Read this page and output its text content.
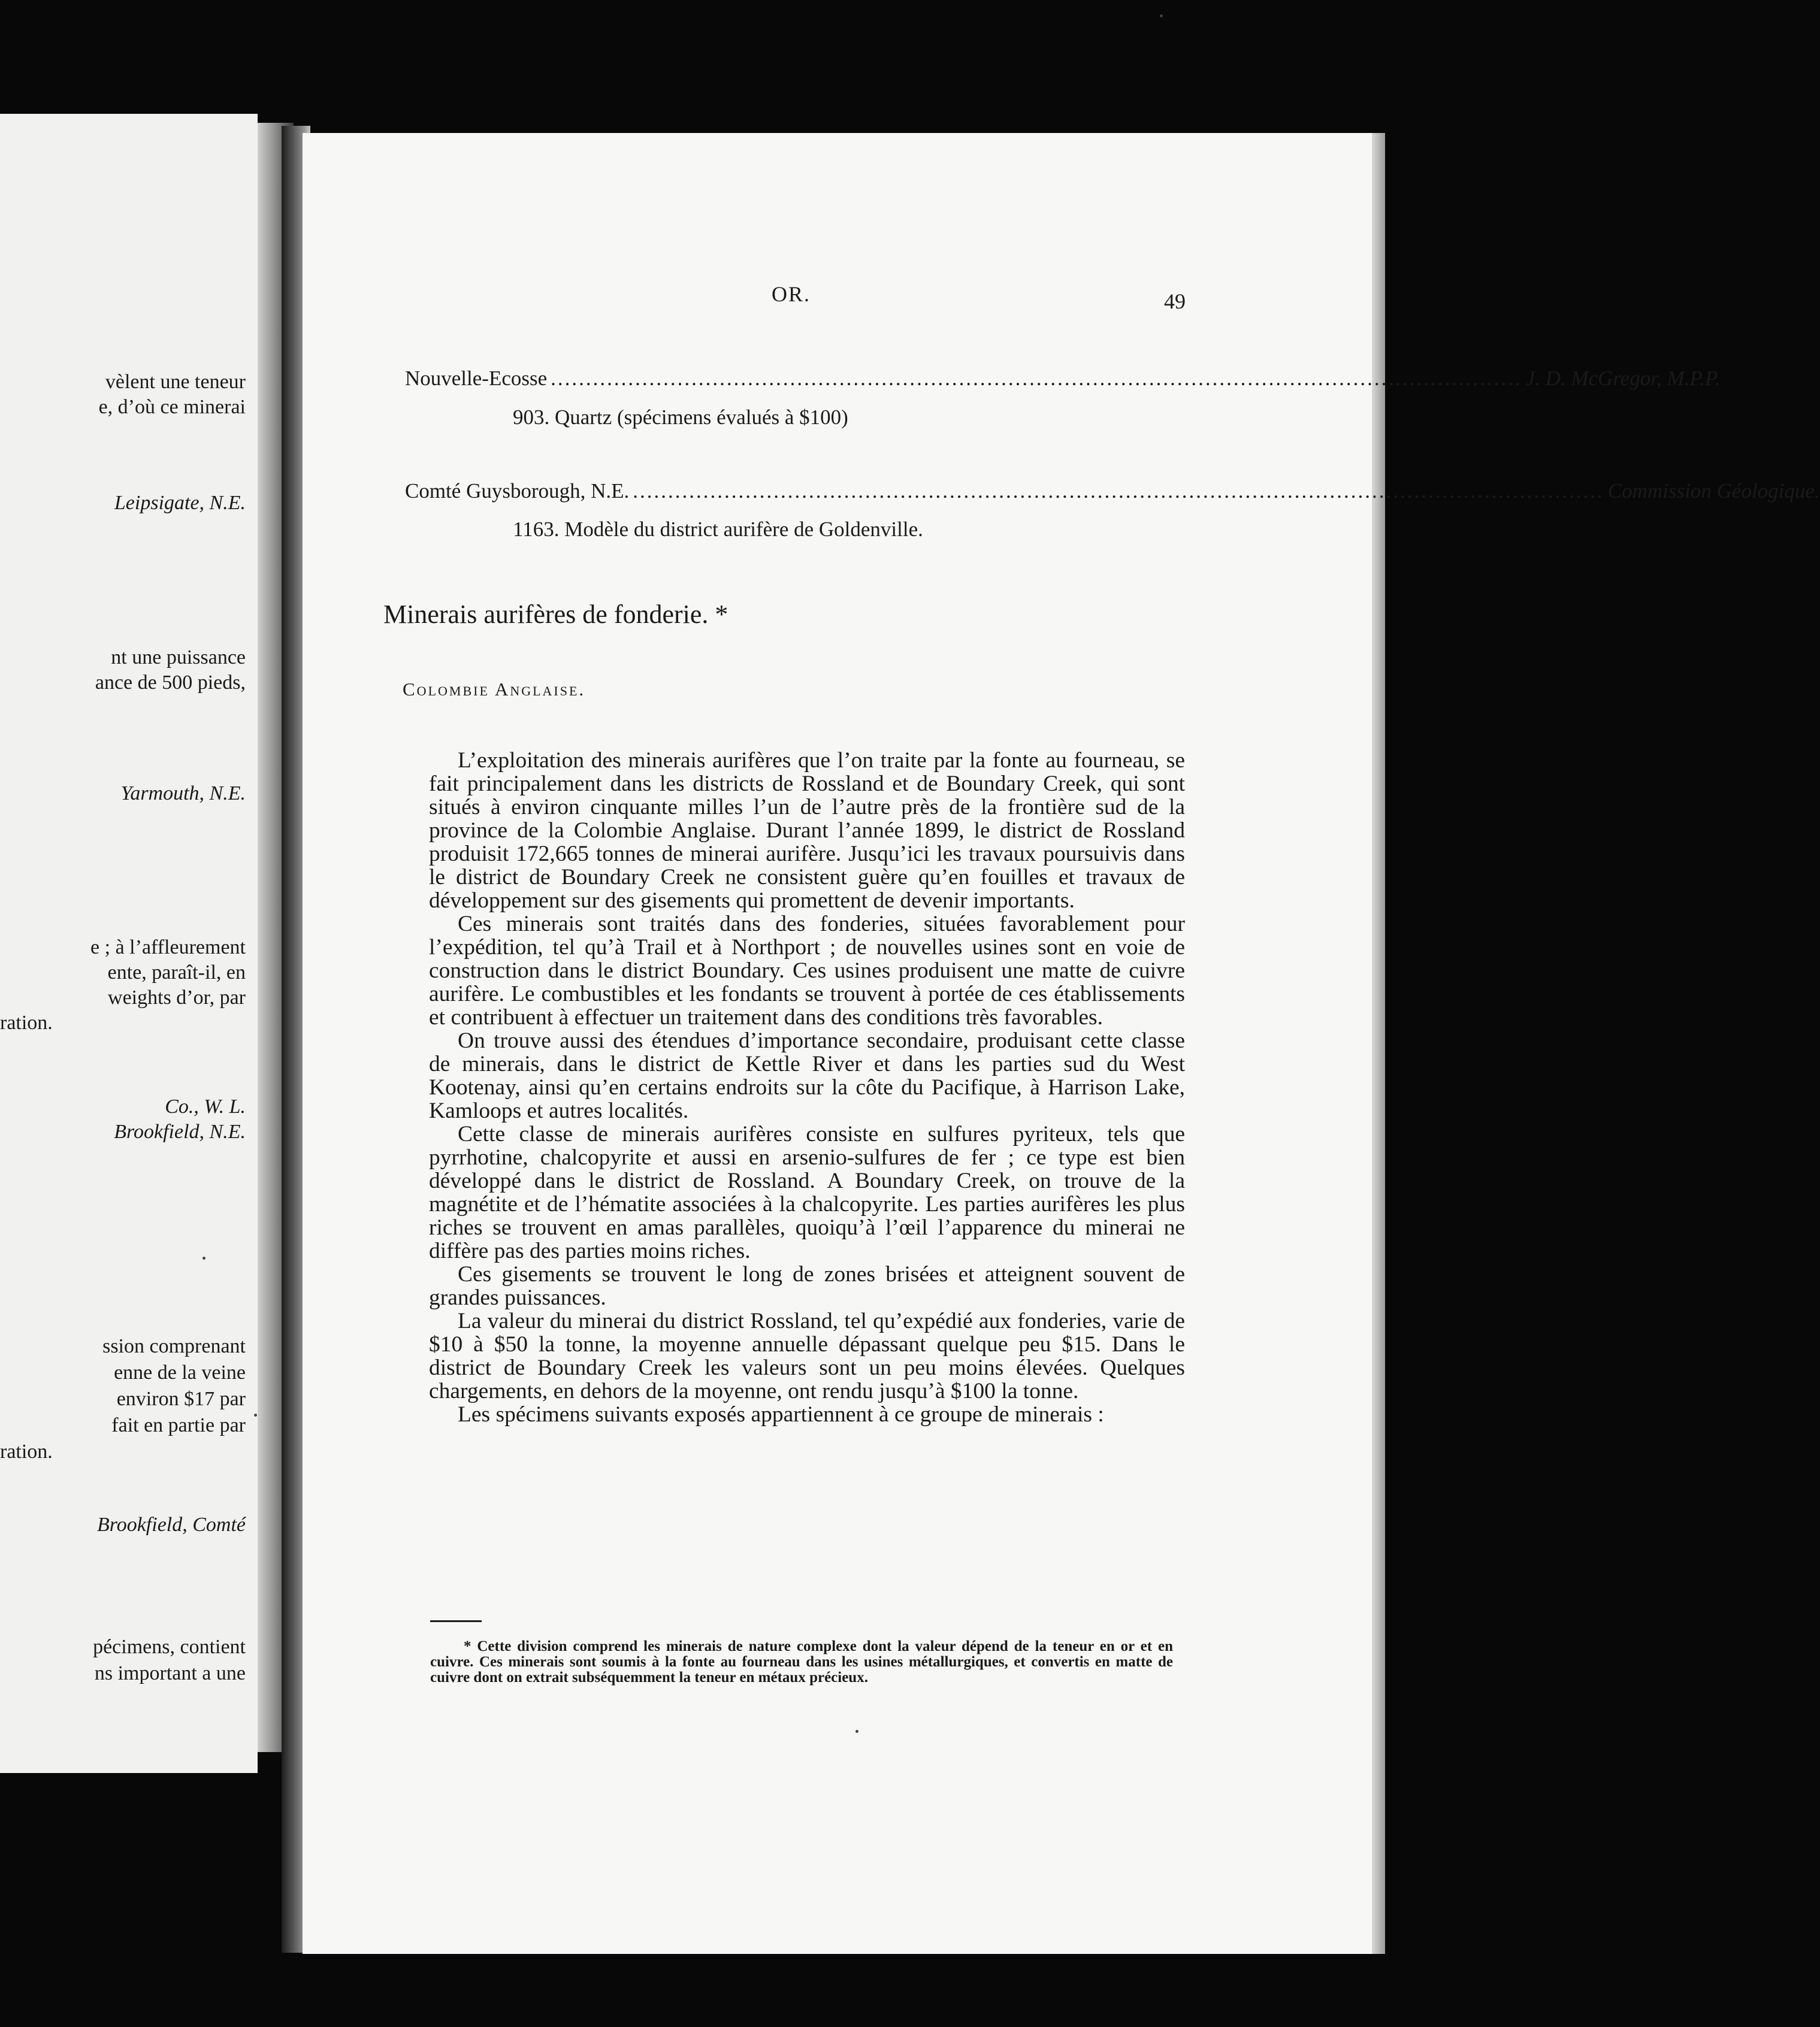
vèlent une teneur
e, d’où ce minerai
Leipsigate, N.E.
nt une puissance
ance de 500 pieds,
Yarmouth, N.E.
e ; à l’affleurement
ente, paraît-il, en
weights d’or, par
ration.
Co., W. L.
Brookfield, N.E.
ssion comprenant
enne de la veine
environ $17 par
fait en partie par
ration.
Brookfield, Comté
pécimens, contient
ns important a une
OR.	49
Nouvelle-Ecosse .......................................................................................................................................... J. D. McGregor, M.P.P.
903. Quartz (spécimens évalués à $100)
Comté Guysborough, N.E. .......................................................................................................................................... Commission Géologique.
1163. Modèle du district aurifère de Goldenville.
Minerais aurifères de fonderie. *
Colombie Anglaise.

L’exploitation des minerais aurifères que l’on traite par la fonte au fourneau, se fait principalement dans les districts de Rossland et de Boundary Creek, qui sont situés à environ cinquante milles l’un de l’autre près de la frontière sud de la province de la Colombie Anglaise. Durant l’année 1899, le district de Rossland produisit 172,665 tonnes de minerai aurifère. Jusqu’ici les travaux poursuivis dans le district de Boundary Creek ne consistent guère qu’en fouilles et travaux de développement sur des gisements qui promettent de devenir importants.

Ces minerais sont traités dans des fonderies, situées favorablement pour l’expédition, tel qu’à Trail et à Northport ; de nouvelles usines sont en voie de construction dans le district Boundary. Ces usines produisent une matte de cuivre aurifère. Le combustibles et les fondants se trouvent à portée de ces établissements et contribuent à effectuer un traitement dans des conditions très favorables.

On trouve aussi des étendues d’importance secondaire, produisant cette classe de minerais, dans le district de Kettle River et dans les parties sud du West Kootenay, ainsi qu’en certains endroits sur la côte du Pacifique, à Harrison Lake, Kamloops et autres localités.

Cette classe de minerais aurifères consiste en sulfures pyriteux, tels que pyrrhotine, chalcopyrite et aussi en arsenio-sulfures de fer ; ce type est bien développé dans le district de Rossland. A Boundary Creek, on trouve de la magnétite et de l’hématite associées à la chalcopyrite. Les parties aurifères les plus riches se trouvent en amas parallèles, quoiqu’à l’œil l’apparence du minerai ne diffère pas des parties moins riches.

Ces gisements se trouvent le long de zones brisées et atteignent souvent de grandes puissances.

La valeur du minerai du district Rossland, tel qu’expédié aux fonderies, varie de $10 à $50 la tonne, la moyenne annuelle dépassant quelque peu $15. Dans le district de Boundary Creek les valeurs sont un peu moins élevées. Quelques chargements, en dehors de la moyenne, ont rendu jusqu’à $100 la tonne.

Les spécimens suivants exposés appartiennent à ce groupe de minerais :

* Cette division comprend les minerais de nature complexe dont la valeur dépend de la teneur en or et en cuivre. Ces minerais sont soumis à la fonte au fourneau dans les usines métallurgiques, et convertis en matte de cuivre dont on extrait subséquemment la teneur en métaux précieux.
